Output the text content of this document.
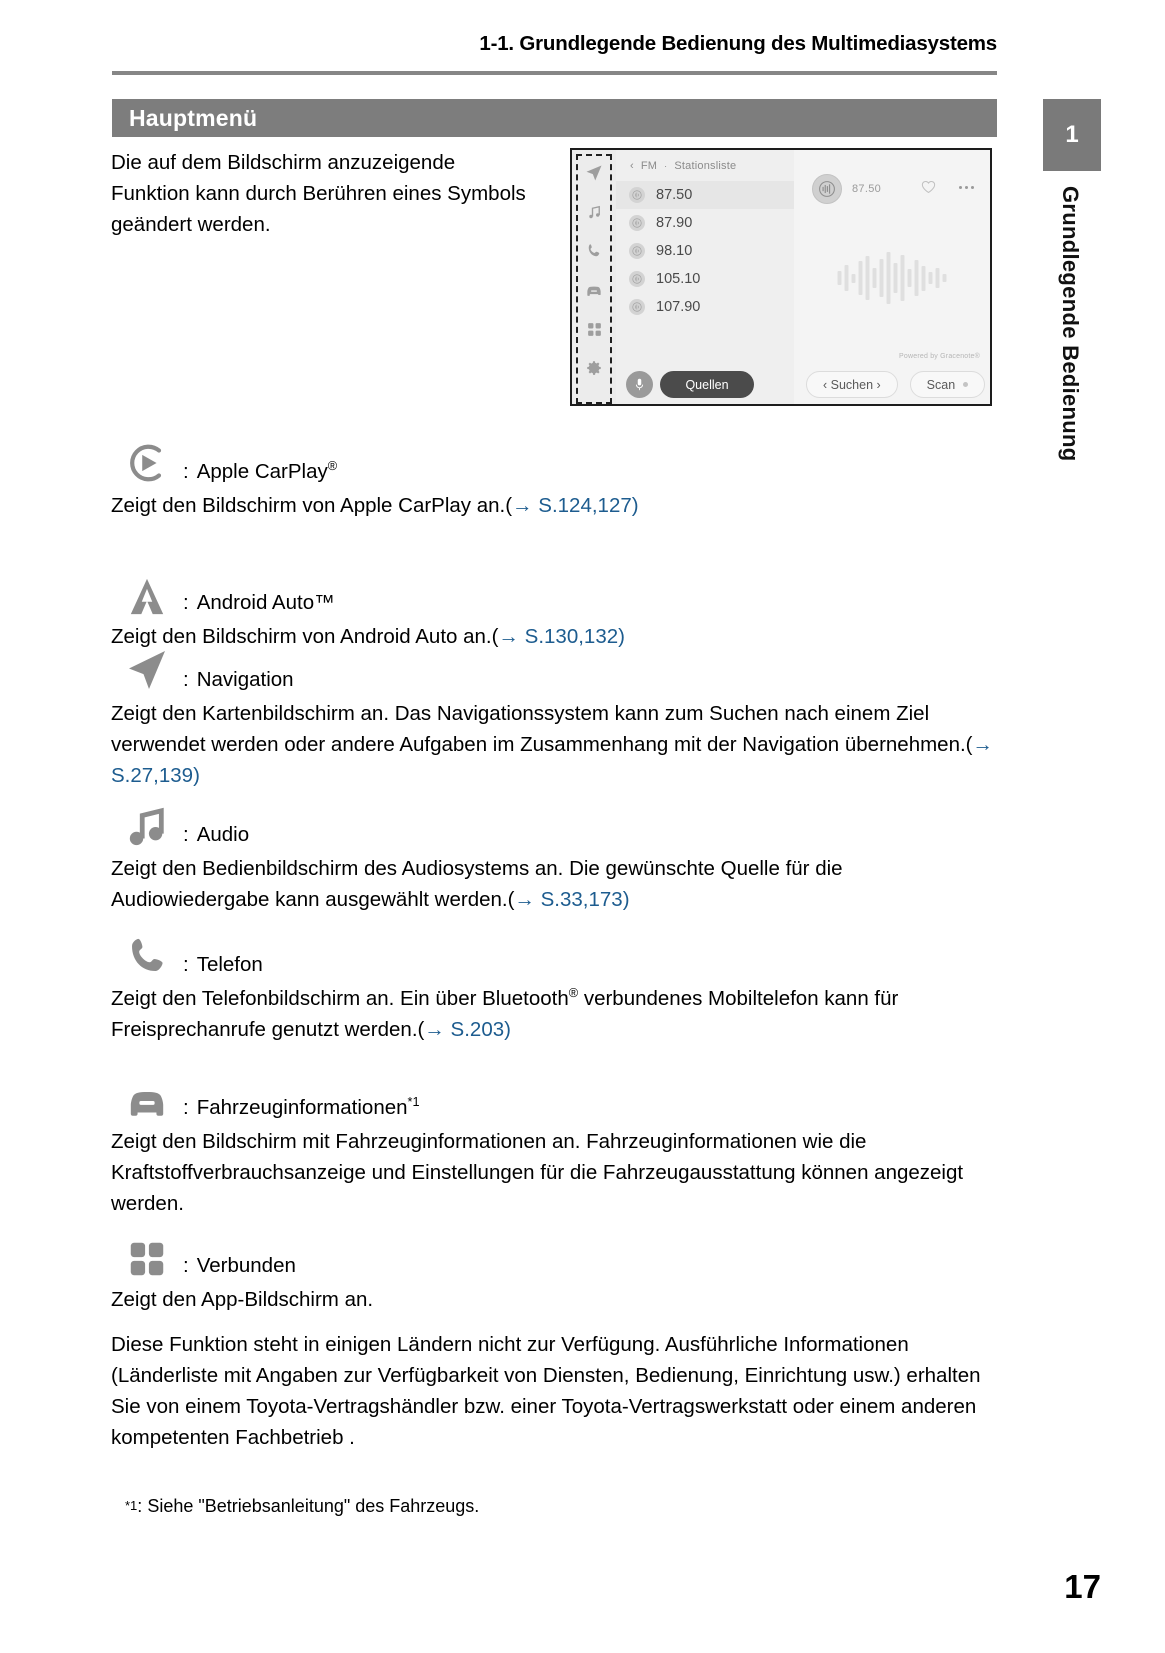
1-1. Grundlegende Bedienung des Multimediasystems
1
Grundlegende Bedienung
Hauptmenü
Die auf dem Bildschirm anzuzeigende Funktion kann durch Berühren eines Symbols geändert werden.
‹ FM · Stationsliste
87.50
87.90
98.10
105.10
107.90
Quellen
87.50
Powered by Gracenote®
‹ Suchen ›	Scan
: Apple CarPlay®
Zeigt den Bildschirm von Apple CarPlay an.(→ S.124,127)
: Android Auto™
Zeigt den Bildschirm von Android Auto an.(→ S.130,132)
: Navigation
Zeigt den Kartenbildschirm an. Das Navigationssystem kann zum Suchen nach einem Ziel verwendet werden oder andere Aufgaben im Zusammenhang mit der Navigation übernehmen.(→ S.27,139)
: Audio
Zeigt den Bedienbildschirm des Audiosystems an. Die gewünschte Quelle für die Audiowiedergabe kann ausgewählt werden.(→ S.33,173)
: Telefon
Zeigt den Telefonbildschirm an. Ein über Bluetooth® verbundenes Mobiltelefon kann für Freisprechanrufe genutzt werden.(→ S.203)
: Fahrzeuginformationen$^{*1}$
Zeigt den Bildschirm mit Fahrzeuginformationen an. Fahrzeuginformationen wie die Kraftstoffverbrauchsanzeige und Einstellungen für die Fahrzeugausstattung können angezeigt werden.
: Verbunden
Zeigt den App-Bildschirm an.
Diese Funktion steht in einigen Ländern nicht zur Verfügung. Ausführliche Informationen (Länderliste mit Angaben zur Verfügbarkeit von Diensten, Bedienung, Einrichtung usw.) erhalten Sie von einem Toyota-Vertragshändler bzw. einer Toyota-Vertragswerkstatt oder einem anderen kompetenten Fachbetrieb .
*1: Siehe "Betriebsanleitung" des Fahrzeugs.
17
